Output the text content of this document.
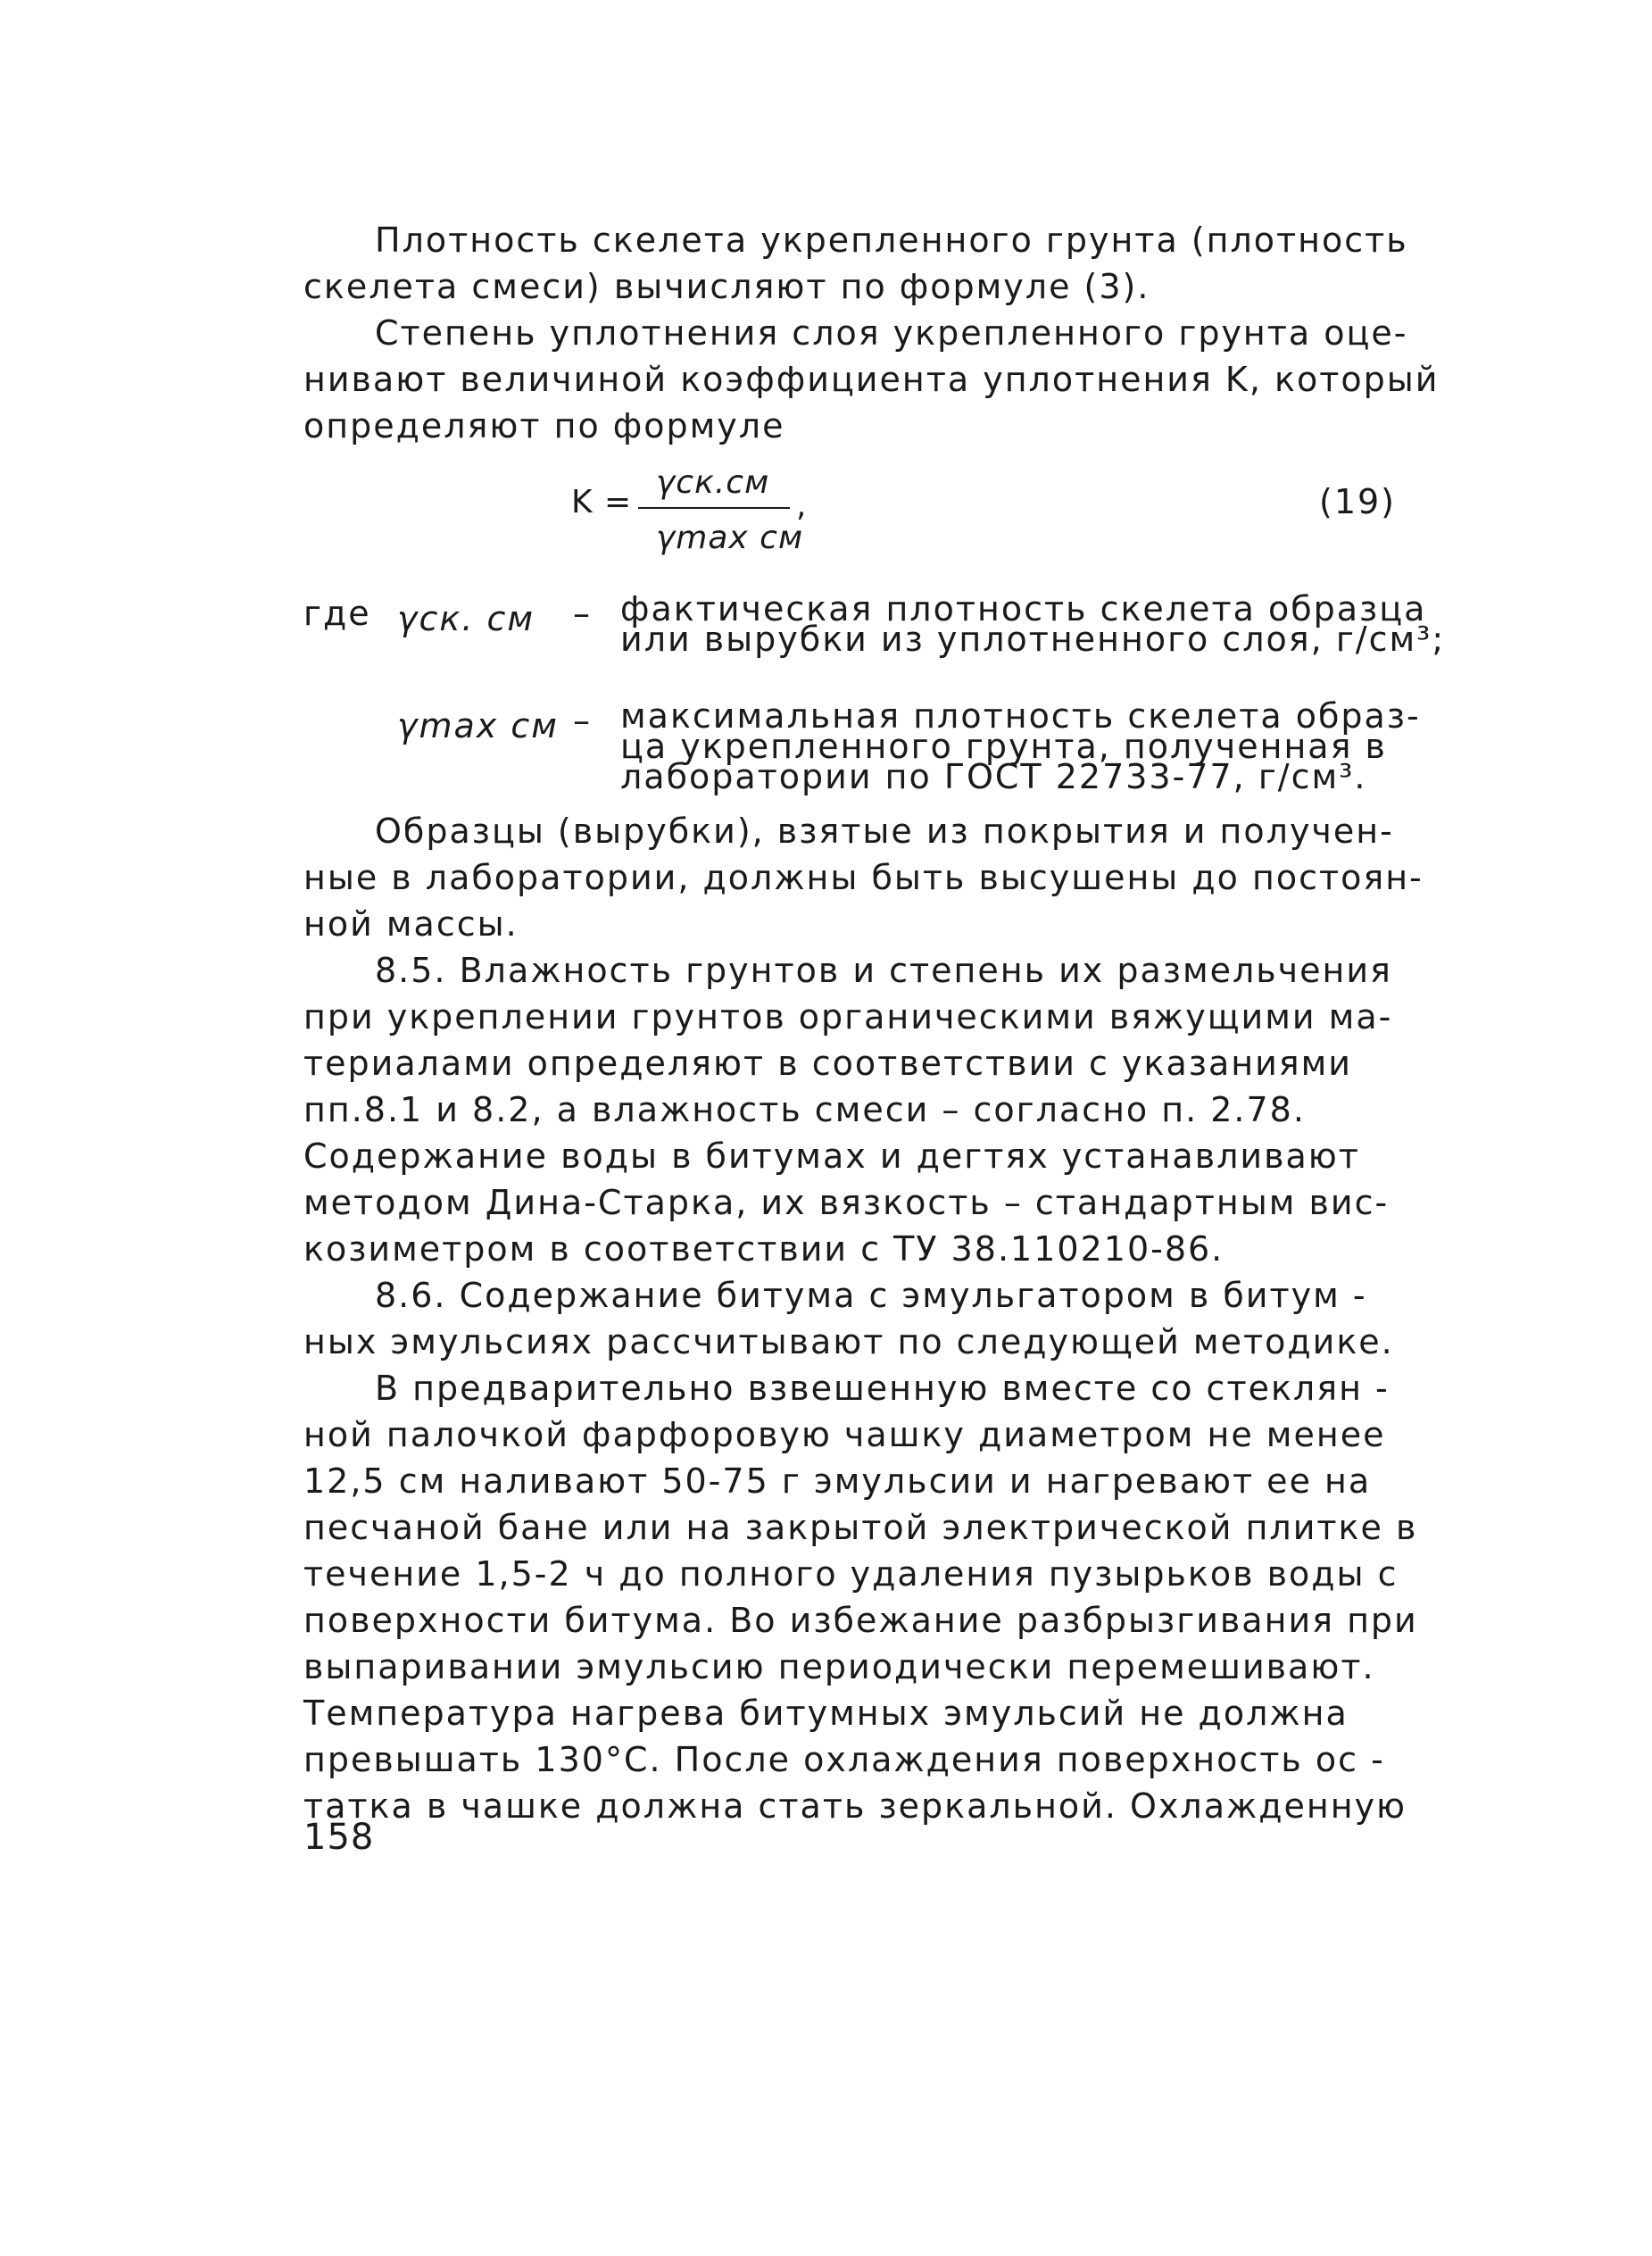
Плотность скелета укрепленного грунта (плотность
скелета смеси) вычисляют по формуле (3).

Степень уплотнения слоя укрепленного грунта оце-
нивают величиной коэффициента уплотнения K, который
определяют по формуле

K =
γск.см
,
γmax см
(19)
где γск. см – фактическая плотность скелета образца
или вырубки из уплотненного слоя, г/см³;
γmax см – максимальная плотность скелета образ-
ца укрепленного грунта, полученная в
лаборатории по ГОСТ 22733-77, г/см³.

Образцы (вырубки), взятые из покрытия и получен-
ные в лаборатории, должны быть высушены до постоян-
ной массы.

8.5. Влажность грунтов и степень их размельчения
при укреплении грунтов органическими вяжущими ма-
териалами определяют в соответствии с указаниями
пп.8.1 и 8.2, а влажность смеси – согласно п. 2.78.
Содержание воды в битумах и дегтях устанавливают
методом Дина-Старка, их вязкость – стандартным вис-
козиметром в соответствии с ТУ 38.110210-86.

8.6. Содержание битума с эмульгатором в битум -
ных эмульсиях рассчитывают по следующей методике.

В предварительно взвешенную вместе со стеклян -
ной палочкой фарфоровую чашку диаметром не менее
12,5 см наливают 50-75 г эмульсии и нагревают ее на
песчаной бане или на закрытой электрической плитке в
течение 1,5-2 ч до полного удаления пузырьков воды с
поверхности битума. Во избежание разбрызгивания при
выпаривании эмульсию периодически перемешивают.
Температура нагрева битумных эмульсий не должна
превышать 130°С. После охлаждения поверхность ос -
татка в чашке должна стать зеркальной. Охлажденную

158
